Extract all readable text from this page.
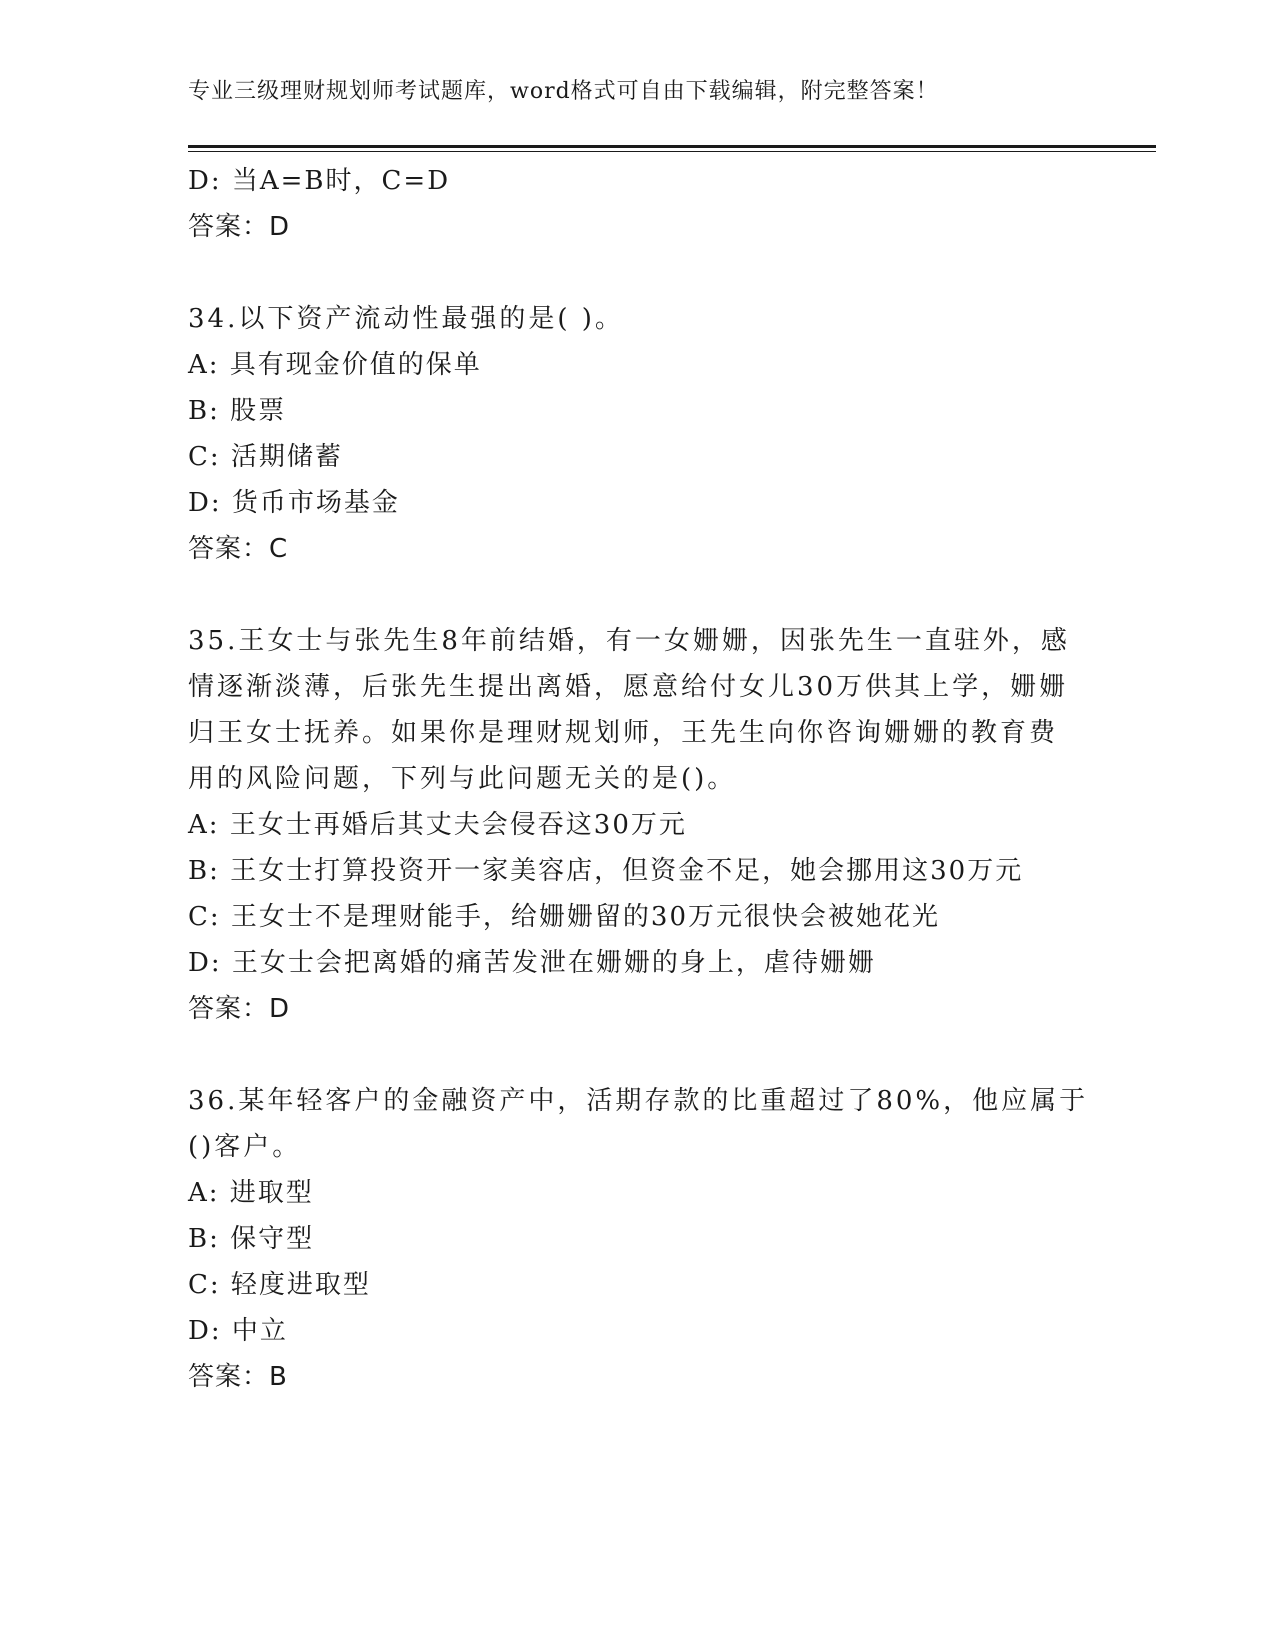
专业三级理财规划师考试题库，word格式可自由下载编辑，附完整答案！
D: 当A=B时，C=D
答案：D
34.以下资产流动性最强的是( )。
A: 具有现金价值的保单
B: 股票
C: 活期储蓄
D: 货币市场基金
答案：C
35.王女士与张先生8年前结婚，有一女姗姗，因张先生一直驻外，感
情逐渐淡薄，后张先生提出离婚，愿意给付女儿30万供其上学，姗姗
归王女士抚养。如果你是理财规划师，王先生向你咨询姗姗的教育费
用的风险问题，下列与此问题无关的是()。
A: 王女士再婚后其丈夫会侵吞这30万元
B: 王女士打算投资开一家美容店，但资金不足，她会挪用这30万元
C: 王女士不是理财能手，给姗姗留的30万元很快会被她花光
D: 王女士会把离婚的痛苦发泄在姗姗的身上，虐待姗姗
答案：D
36.某年轻客户的金融资产中，活期存款的比重超过了80%，他应属于
()客户。
A: 进取型
B: 保守型
C: 轻度进取型
D: 中立
答案：B
